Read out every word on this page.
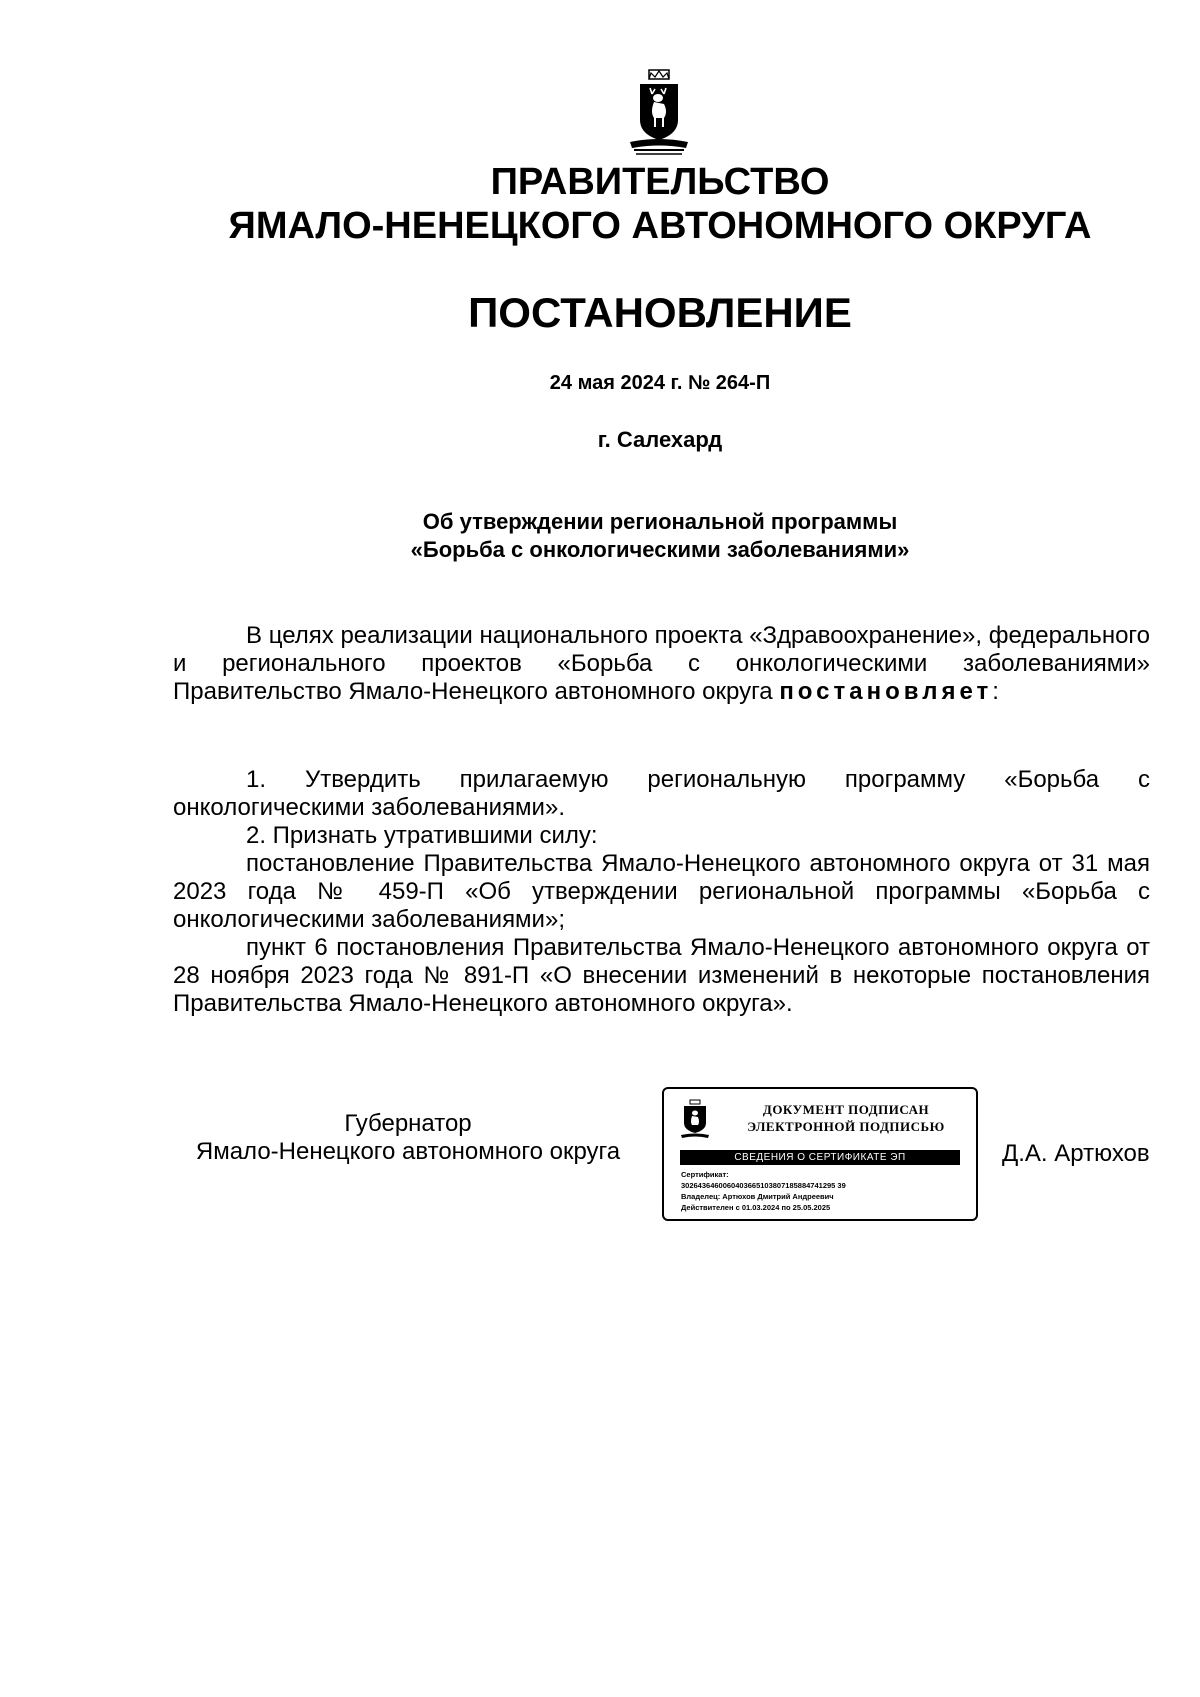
ПРАВИТЕЛЬСТВО
ЯМАЛО-НЕНЕЦКОГО АВТОНОМНОГО ОКРУГА
ПОСТАНОВЛЕНИЕ
24 мая 2024 г. № 264-П
г. Салехард
Об утверждении региональной программы
«Борьба с онкологическими заболеваниями»

В целях реализации национального проекта «Здравоохранение», федерального и регионального проектов «Борьба с онкологическими заболеваниями» Правительство Ямало-Ненецкого автономного округа постановляет:

1. Утвердить прилагаемую региональную программу «Борьба с онкологическими заболеваниями».

2. Признать утратившими силу:

постановление Правительства Ямало-Ненецкого автономного округа от 31 мая 2023 года № 459-П «Об утверждении региональной программы «Борьба с онкологическими заболеваниями»;

пункт 6 постановления Правительства Ямало-Ненецкого автономного округа от 28 ноября 2023 года № 891-П «О внесении изменений в некоторые постановления Правительства Ямало-Ненецкого автономного округа».

Губернатор
Ямало-Ненецкого автономного округа
ДОКУМЕНТ ПОДПИСАН
ЭЛЕКТРОННОЙ ПОДПИСЬЮ
СВЕДЕНИЯ О СЕРТИФИКАТЕ ЭП
Сертификат:
3026436460060403665103807185884741295 39
Владелец: Артюхов Дмитрий Андреевич
Действителен с 01.03.2024 по 25.05.2025
Д.А. Артюхов
